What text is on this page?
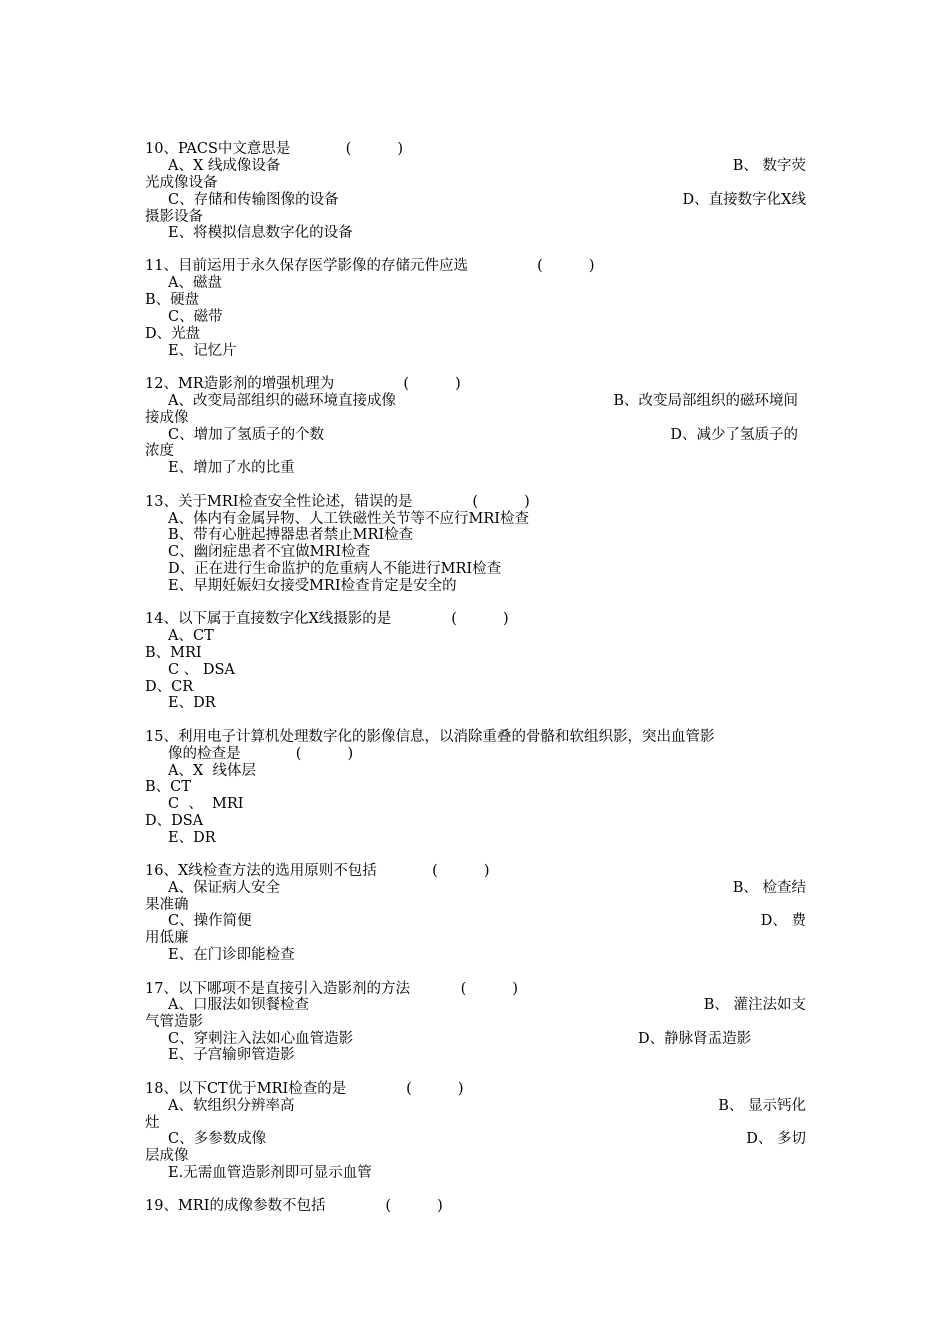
10、PACS中文意思是            (          )
A、X 线成像设备	B、 数字荧
光成像设备
C、存储和传输图像的设备	D、直接数字化X线
摄影设备
E、将模拟信息数字化的设备
11、目前运用于永久保存医学影像的存储元件应选               (          )
A、磁盘
B、硬盘
C、磁带
D、光盘
E、记忆片
12、MR造影剂的增强机理为               (          )
A、改变局部组织的磁环境直接成像	B、改变局部组织的磁环境间
接成像
C、增加了氢质子的个数	D、减少了氢质子的
浓度
E、增加了水的比重
13、关于MRI检查安全性论述，错误的是             (          )
A、体内有金属异物、人工铁磁性关节等不应行MRI检查
B、带有心脏起搏器患者禁止MRI检查
C、幽闭症患者不宜做MRI检查
D、正在进行生命监护的危重病人不能进行MRI检查
E、早期妊娠妇女接受MRI检查肯定是安全的
14、以下属于直接数字化X线摄影的是             (          )
A、CT
B、MRI
C 、 DSA
D、CR
E、DR
15、利用电子计算机处理数字化的影像信息，以消除重叠的骨骼和软组织影，突出血管影
像的检查是            (          )
A、X  线体层
B、CT
C  、  MRI
D、DSA
E、DR
16、X线检查方法的选用原则不包括            (          )
A、保证病人安全	B、 检查结
果准确
C、操作简便	D、 费
用低廉
E、在门诊即能检查
17、以下哪项不是直接引入造影剂的方法           (          )
A、口服法如钡餐检查	B、 灌注法如支
气管造影
C、穿刺注入法如心血管造影	D、静脉肾盂造影
E、子宫输卵管造影
18、以下CT优于MRI检查的是             (          )
A、软组织分辨率高	B、 显示钙化
灶
C、多参数成像	D、 多切
层成像
E.无需血管造影剂即可显示血管
19、MRI的成像参数不包括             (          )
